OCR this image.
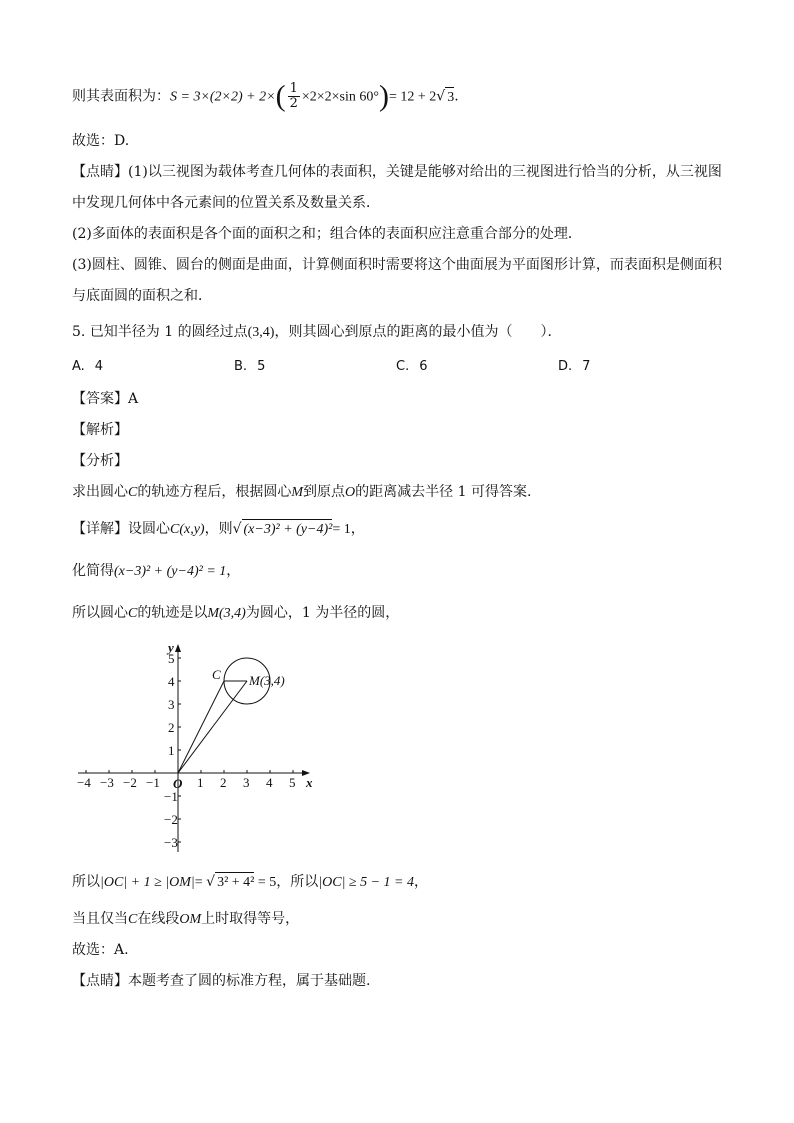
则其表面积为：$S = 3\times(2\times 2) + 2\times( \frac{1}{2} \times 2\times 2\times\sin$ 60°)= 12 + 2√ 3.
故选：D.
【点睛】(1)以三视图为载体考查几何体的表面积，关键是能够对给出的三视图进行恰当的分析，从三视图
中发现几何体中各元素间的位置关系及数量关系．
(2)多面体的表面积是各个面的面积之和；组合体的表面积应注意重合部分的处理．
(3)圆柱、圆锥、圆台的侧面是曲面，计算侧面积时需要将这个曲面展为平面图形计算，而表面积是侧面积
与底面圆的面积之和．
5. 已知半径为 1 的圆经过点(3,4)，则其圆心到原点的距离的最小值为（　　）．
A. 4	B. 5	C. 6	D. 7
【答案】A
【解析】
【分析】
求出圆心C的轨迹方程后，根据圆心M到原点O的距离减去半径 1 可得答案.
【详解】设圆心C(x,y)，则√ (x−3)² + (y−4)²= 1，
化简得(x−3)² + (y−4)² = 1，
所以圆心C的轨迹是以M(3,4)为圆心，1 为半径的圆，
x
y
O
−4 −3 −2 −1	1 2 3 4 5
5
4
3
2
1
−1
−2
−3
C M(3,4)
所以|OC| + 1 ≥ |OM|= √ 3² + 4² = 5，所以|OC| ≥ 5 − 1 = 4，
当且仅当C在线段OM上时取得等号，
故选：A.
【点睛】本题考查了圆的标准方程，属于基础题.
